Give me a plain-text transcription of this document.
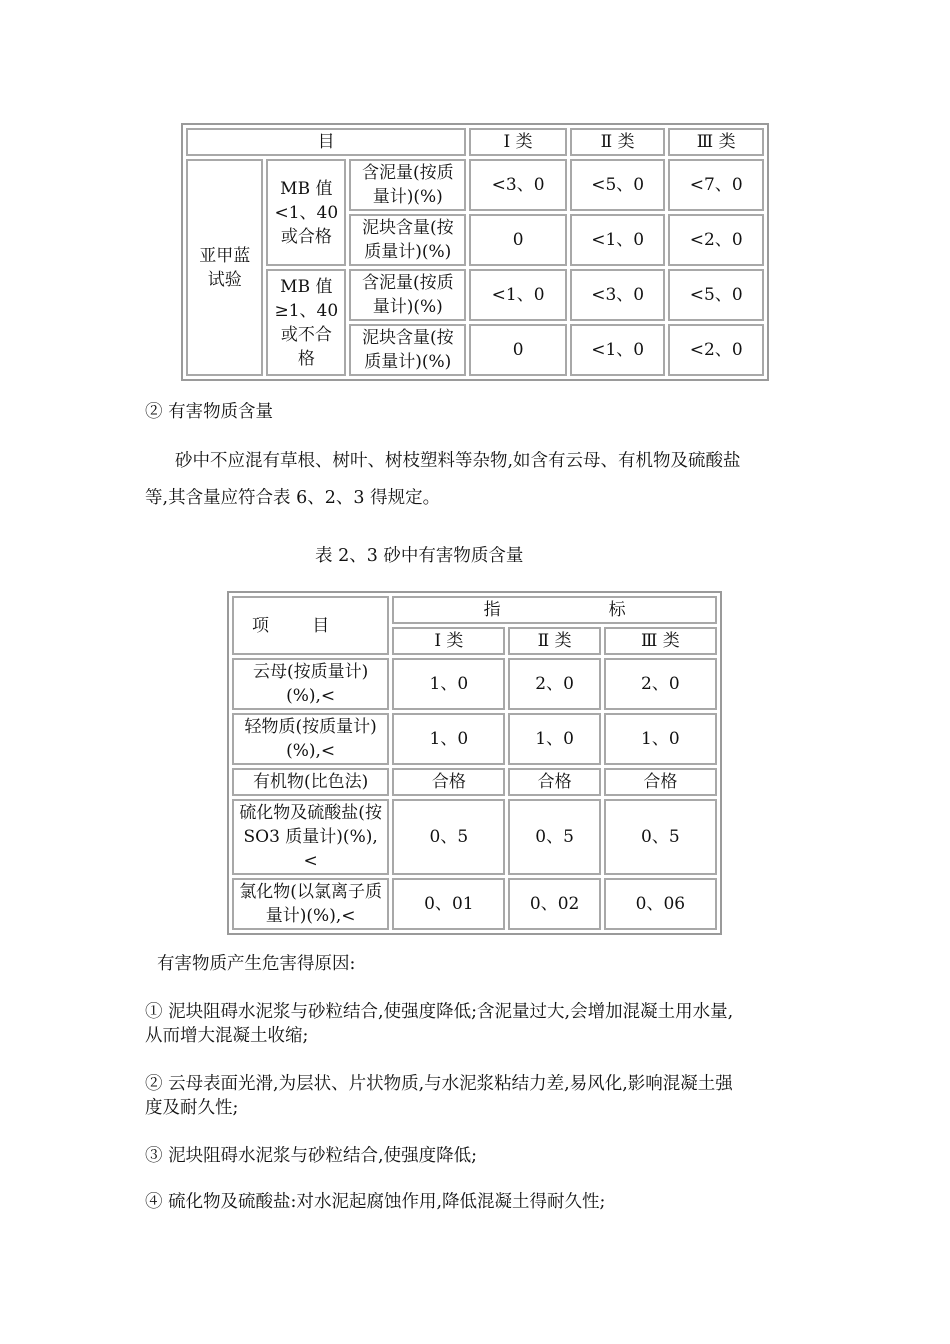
目			Ⅰ 类	Ⅱ 类	Ⅲ 类
亚甲蓝试验	MB 值<1、40或合格	含泥量(按质量计)(%)	<3、0	<5、0	<7、0
		泥块含量(按质量计)(%)	0	<1、0	<2、0
	MB 值≥1、40或不合格	含泥量(按质量计)(%)	<1、0	<3、0	<5、0
		泥块含量(按质量计)(%)	0	<1、0	<2、0
② 有害物质含量
砂中不应混有草根、树叶、树枝塑料等杂物,如含有云母、有机物及硫酸盐
等,其含量应符合表 6、2、3 得规定。
表 2、3 砂中有害物质含量
项        目	指                    标		
	Ⅰ 类	Ⅱ 类	Ⅲ 类
云母(按质量计)(%),<	1、0	2、0	2、0
轻物质(按质量计)(%),<	1、0	1、0	1、0
有机物(比色法)	合格	合格	合格
硫化物及硫酸盐(按 SO3 质量计)(%),<	0、5	0、5	0、5
氯化物(以氯离子质量计)(%),<	0、01	0、02	0、06
有害物质产生危害得原因:
① 泥块阻碍水泥浆与砂粒结合,使强度降低;含泥量过大,会增加混凝土用水量,
从而增大混凝土收缩;
② 云母表面光滑,为层状、片状物质,与水泥浆粘结力差,易风化,影响混凝土强
度及耐久性;
③ 泥块阻碍水泥浆与砂粒结合,使强度降低;
④ 硫化物及硫酸盐:对水泥起腐蚀作用,降低混凝土得耐久性;
